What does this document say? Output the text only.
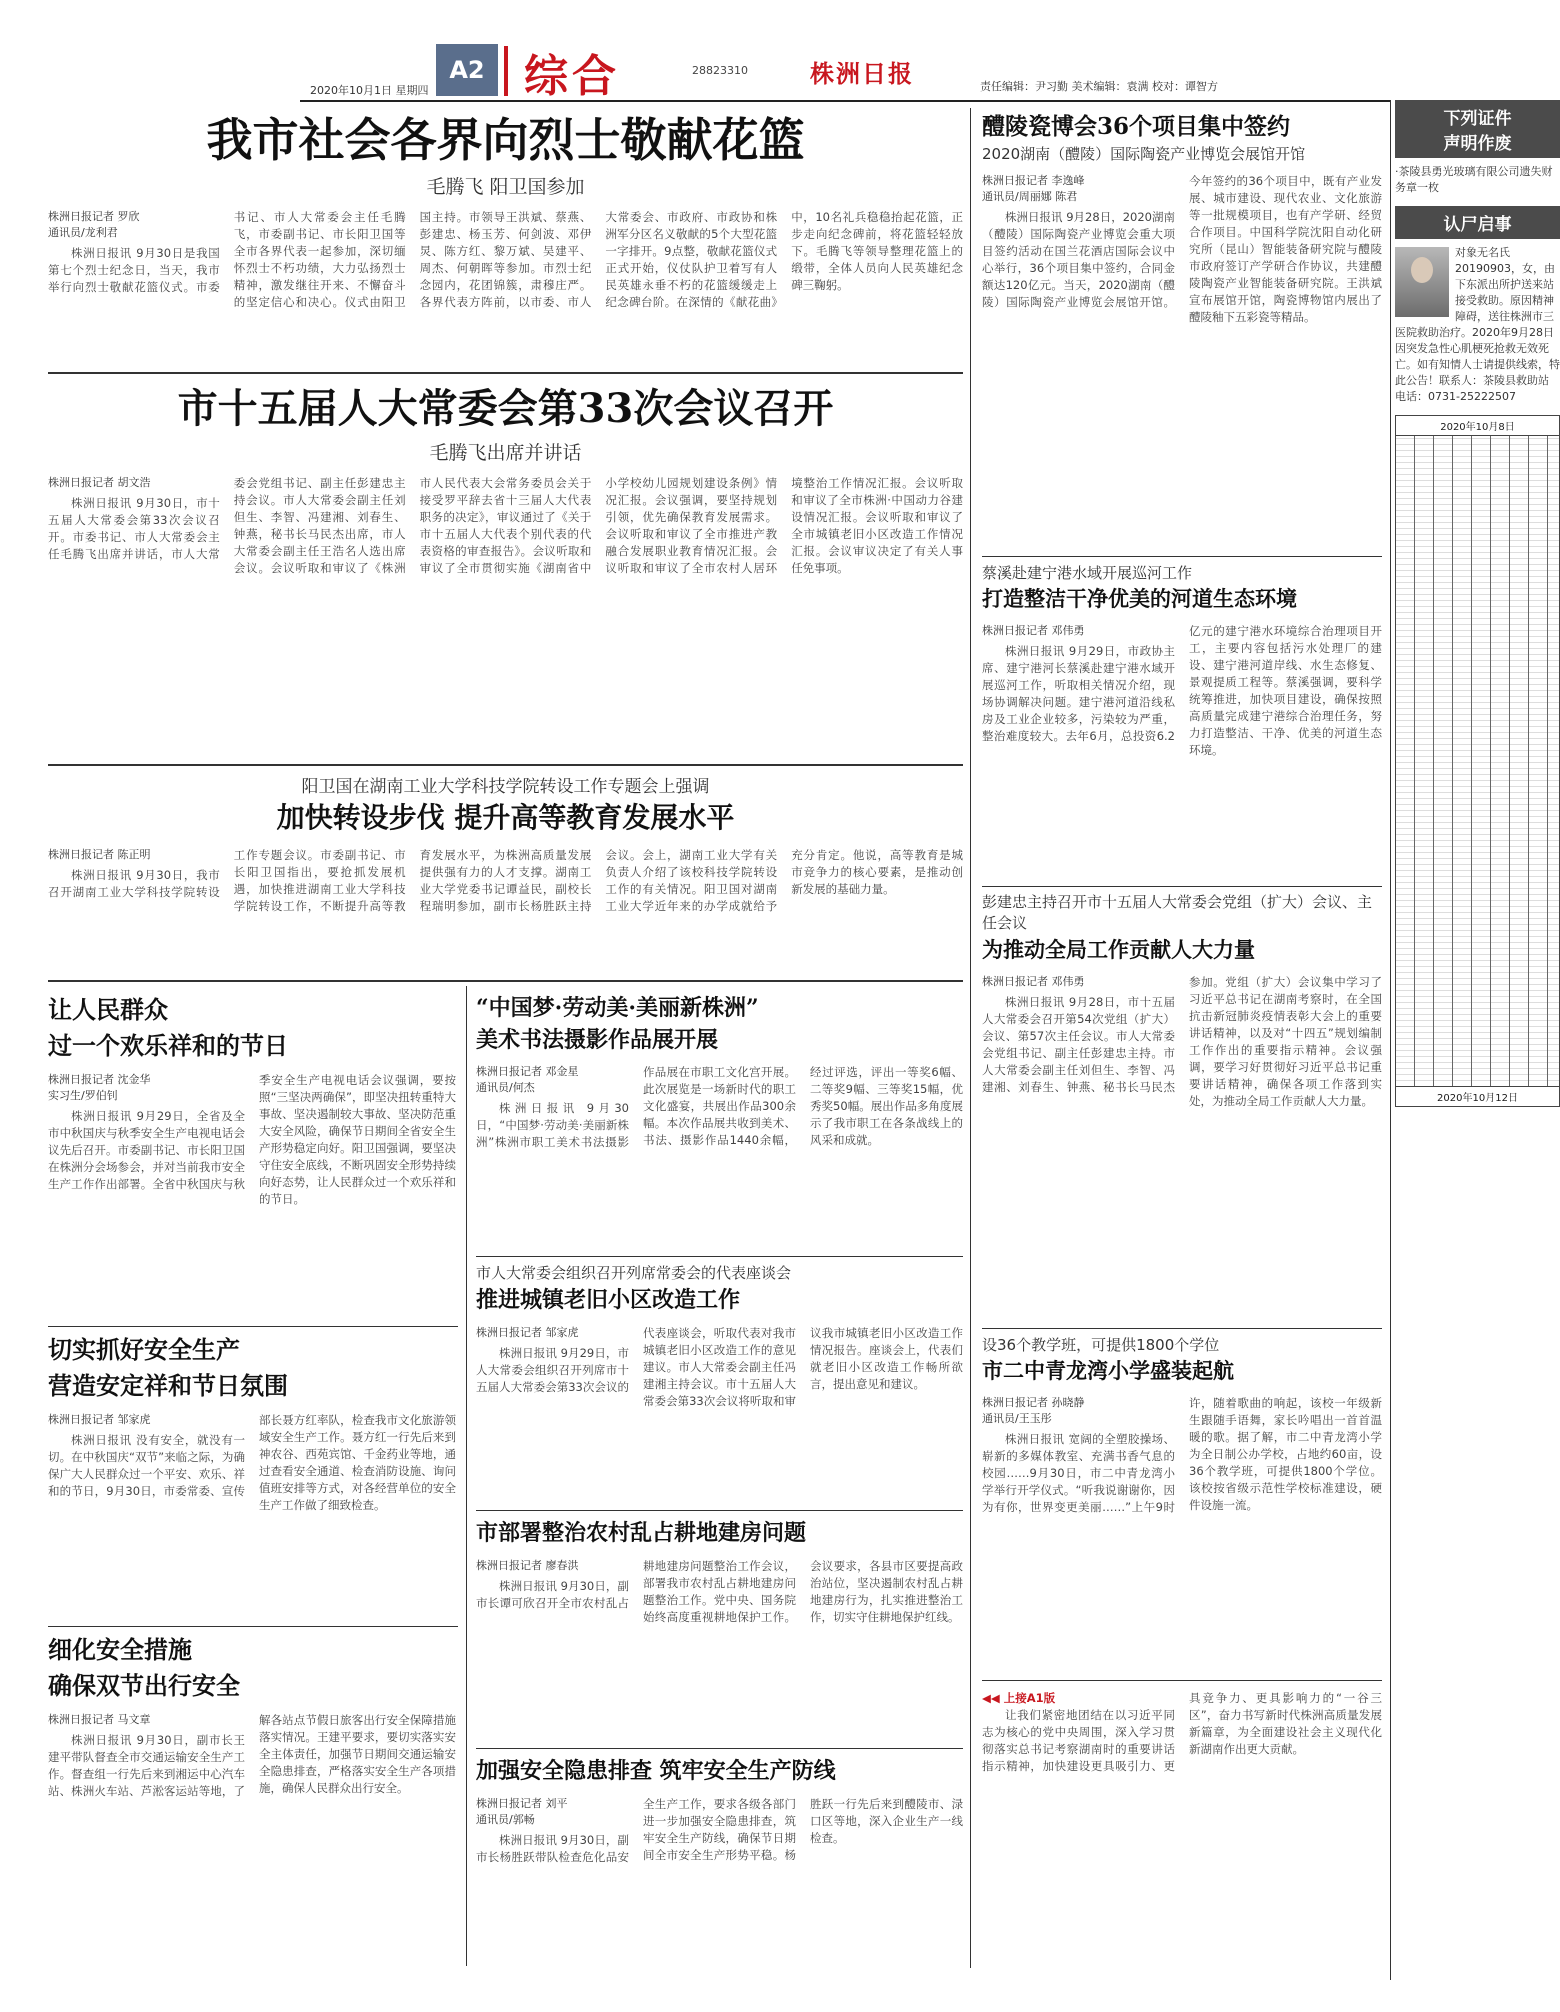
2020年10月1日 星期四
A2 综合	28823310	株洲日报	责任编辑：尹习勤 美术编辑：袁满 校对：谭智方
我市社会各界向烈士敬献花篮
毛腾飞 阳卫国参加
株洲日报记者 罗欣
通讯员/龙利君
株洲日报讯 9月30日是我国第七个烈士纪念日，当天，我市举行向烈士敬献花篮仪式。市委书记、市人大常委会主任毛腾飞，市委副书记、市长阳卫国等全市各界代表一起参加，深切缅怀烈士不朽功绩，大力弘扬烈士精神，激发继往开来、不懈奋斗的坚定信心和决心。仪式由阳卫国主持。市领导王洪斌、蔡燕、彭建忠、杨玉芳、何剑波、邓伊炅、陈方红、黎万斌、吴建平、周杰、何朝晖等参加。市烈士纪念园内，花团锦簇，肃穆庄严。各界代表方阵前，以市委、市人大常委会、市政府、市政协和株洲军分区名义敬献的5个大型花篮一字排开。9点整，敬献花篮仪式正式开始，仪仗队护卫着写有人民英雄永垂不朽的花篮缓缓走上纪念碑台阶。在深情的《献花曲》中，10名礼兵稳稳抬起花篮，正步走向纪念碑前，将花篮轻轻放下。毛腾飞等领导整理花篮上的缎带，全体人员向人民英雄纪念碑三鞠躬。
市十五届人大常委会第33次会议召开
毛腾飞出席并讲话
株洲日报记者 胡文浩
株洲日报讯 9月30日，市十五届人大常委会第33次会议召开。市委书记、市人大常委会主任毛腾飞出席并讲话，市人大常委会党组书记、副主任彭建忠主持会议。市人大常委会副主任刘但生、李智、冯建湘、刘春生、钟燕，秘书长马民杰出席，市人大常委会副主任王浩名人选出席会议。会议听取和审议了《株洲市人民代表大会常务委员会关于接受罗平辞去省十三届人大代表职务的决定》，审议通过了《关于市十五届人大代表个别代表的代表资格的审查报告》。会议听取和审议了全市贯彻实施《湖南省中小学校幼儿园规划建设条例》情况汇报。会议强调，要坚持规划引领，优先确保教育发展需求。会议听取和审议了全市推进产教融合发展职业教育情况汇报。会议听取和审议了全市农村人居环境整治工作情况汇报。会议听取和审议了全市株洲·中国动力谷建设情况汇报。会议听取和审议了全市城镇老旧小区改造工作情况汇报。会议审议决定了有关人事任免事项。
阳卫国在湖南工业大学科技学院转设工作专题会上强调
加快转设步伐 提升高等教育发展水平
株洲日报记者 陈正明
株洲日报讯 9月30日，我市召开湖南工业大学科技学院转设工作专题会议。市委副书记、市长阳卫国指出，要抢抓发展机遇，加快推进湖南工业大学科技学院转设工作，不断提升高等教育发展水平，为株洲高质量发展提供强有力的人才支撑。湖南工业大学党委书记谭益民，副校长程瑞明参加，副市长杨胜跃主持会议。会上，湖南工业大学有关负责人介绍了该校科技学院转设工作的有关情况。阳卫国对湖南工业大学近年来的办学成就给予充分肯定。他说，高等教育是城市竞争力的核心要素，是推动创新发展的基础力量。
让人民群众
过一个欢乐祥和的节日
株洲日报记者 沈金华
实习生/罗伯钊
株洲日报讯 9月29日，全省及全市中秋国庆与秋季安全生产电视电话会议先后召开。市委副书记、市长阳卫国在株洲分会场参会，并对当前我市安全生产工作作出部署。全省中秋国庆与秋季安全生产电视电话会议强调，要按照“三坚决两确保”，即坚决扭转重特大事故、坚决遏制较大事故、坚决防范重大安全风险，确保节日期间全省安全生产形势稳定向好。阳卫国强调，要坚决守住安全底线，不断巩固安全形势持续向好态势，让人民群众过一个欢乐祥和的节日。
切实抓好安全生产
营造安定祥和节日氛围
株洲日报记者 邹家虎
株洲日报讯 没有安全，就没有一切。在中秋国庆“双节”来临之际，为确保广大人民群众过一个平安、欢乐、祥和的节日，9月30日，市委常委、宣传部长聂方红率队，检查我市文化旅游领域安全生产工作。聂方红一行先后来到神农谷、西苑宾馆、千金药业等地，通过查看安全通道、检查消防设施、询问值班安排等方式，对各经营单位的安全生产工作做了细致检查。
细化安全措施
确保双节出行安全
株洲日报记者 马文章
株洲日报讯 9月30日，副市长王建平带队督查全市交通运输安全生产工作。督查组一行先后来到湘运中心汽车站、株洲火车站、芦淞客运站等地，了解各站点节假日旅客出行安全保障措施落实情况。王建平要求，要切实落实安全主体责任，加强节日期间交通运输安全隐患排查，严格落实安全生产各项措施，确保人民群众出行安全。
“中国梦·劳动美·美丽新株洲”
美术书法摄影作品展开展
株洲日报记者 邓金星
通讯员/何杰
株洲日报讯 9月30日，“中国梦·劳动美·美丽新株洲”株洲市职工美术书法摄影作品展在市职工文化宫开展。此次展览是一场新时代的职工文化盛宴，共展出作品300余幅。本次作品展共收到美术、书法、摄影作品1440余幅，经过评选，评出一等奖6幅、二等奖9幅、三等奖15幅，优秀奖50幅。展出作品多角度展示了我市职工在各条战线上的风采和成就。
市人大常委会组织召开列席常委会的代表座谈会
推进城镇老旧小区改造工作
株洲日报记者 邹家虎
株洲日报讯 9月29日，市人大常委会组织召开列席市十五届人大常委会第33次会议的代表座谈会，听取代表对我市城镇老旧小区改造工作的意见建议。市人大常委会副主任冯建湘主持会议。市十五届人大常委会第33次会议将听取和审议我市城镇老旧小区改造工作情况报告。座谈会上，代表们就老旧小区改造工作畅所欲言，提出意见和建议。
市部署整治农村乱占耕地建房问题
株洲日报记者 廖春洪
株洲日报讯 9月30日，副市长谭可欣召开全市农村乱占耕地建房问题整治工作会议，部署我市农村乱占耕地建房问题整治工作。党中央、国务院始终高度重视耕地保护工作。会议要求，各县市区要提高政治站位，坚决遏制农村乱占耕地建房行为，扎实推进整治工作，切实守住耕地保护红线。
加强安全隐患排查 筑牢安全生产防线
株洲日报记者 刘平
通讯员/郭畅
株洲日报讯 9月30日，副市长杨胜跃带队检查危化品安全生产工作，要求各级各部门进一步加强安全隐患排查，筑牢安全生产防线，确保节日期间全市安全生产形势平稳。杨胜跃一行先后来到醴陵市、渌口区等地，深入企业生产一线检查。
醴陵瓷博会36个项目集中签约
2020湖南（醴陵）国际陶瓷产业博览会展馆开馆
株洲日报记者 李逸峰
通讯员/周丽娜 陈君
株洲日报讯 9月28日，2020湖南（醴陵）国际陶瓷产业博览会重大项目签约活动在国兰花酒店国际会议中心举行，36个项目集中签约，合同金额达120亿元。当天，2020湖南（醴陵）国际陶瓷产业博览会展馆开馆。今年签约的36个项目中，既有产业发展、城市建设、现代农业、文化旅游等一批规模项目，也有产学研、经贸合作项目。中国科学院沈阳自动化研究所（昆山）智能装备研究院与醴陵市政府签订产学研合作协议，共建醴陵陶瓷产业智能装备研究院。王洪斌宣布展馆开馆，陶瓷博物馆内展出了醴陵釉下五彩瓷等精品。
蔡溪赴建宁港水域开展巡河工作
打造整洁干净优美的河道生态环境
株洲日报记者 邓伟勇
株洲日报讯 9月29日，市政协主席、建宁港河长蔡溪赴建宁港水域开展巡河工作，听取相关情况介绍，现场协调解决问题。建宁港河道沿线私房及工业企业较多，污染较为严重，整治难度较大。去年6月，总投资6.2亿元的建宁港水环境综合治理项目开工，主要内容包括污水处理厂的建设、建宁港河道岸线、水生态修复、景观提质工程等。蔡溪强调，要科学统筹推进，加快项目建设，确保按照高质量完成建宁港综合治理任务，努力打造整洁、干净、优美的河道生态环境。
彭建忠主持召开市十五届人大常委会党组（扩大）会议、主任会议
为推动全局工作贡献人大力量
株洲日报记者 邓伟勇
株洲日报讯 9月28日，市十五届人大常委会召开第54次党组（扩大）会议、第57次主任会议。市人大常委会党组书记、副主任彭建忠主持。市人大常委会副主任刘但生、李智、冯建湘、刘春生、钟燕、秘书长马民杰参加。党组（扩大）会议集中学习了习近平总书记在湖南考察时，在全国抗击新冠肺炎疫情表彰大会上的重要讲话精神，以及对“十四五”规划编制工作作出的重要指示精神。会议强调，要学习好贯彻好习近平总书记重要讲话精神，确保各项工作落到实处，为推动全局工作贡献人大力量。
设36个教学班，可提供1800个学位
市二中青龙湾小学盛装起航
株洲日报记者 孙晓静
通讯员/王玉彤
株洲日报讯 宽阔的全塑胶操场、崭新的多媒体教室、充满书香气息的校园……9月30日，市二中青龙湾小学举行开学仪式。“听我说谢谢你，因为有你，世界变更美丽……”上午9时许，随着歌曲的响起，该校一年级新生跟随手语舞，家长吟唱出一首首温暖的歌。据了解，市二中青龙湾小学为全日制公办学校，占地约60亩，设36个教学班，可提供1800个学位。该校按省级示范性学校标准建设，硬件设施一流。
◀◀ 上接A1版
让我们紧密地团结在以习近平同志为核心的党中央周围，深入学习贯彻落实总书记考察湖南时的重要讲话指示精神，加快建设更具吸引力、更具竞争力、更具影响力的“一谷三区”，奋力书写新时代株洲高质量发展新篇章，为全面建设社会主义现代化新湖南作出更大贡献。
下列证件
声明作废
·茶陵县勇光玻璃有限公司遗失财务章一枚
认尸启事
对象无名氏20190903，女，由下东派出所护送来站接受救助。原因精神障碍，送往株洲市三医院救助治疗。2020年9月28日因突发急性心肌梗死抢救无效死亡。如有知情人士请提供线索，特此公告！联系人：茶陵县救助站 电话：0731-25222507
2020年10月8日
2020年10月12日
